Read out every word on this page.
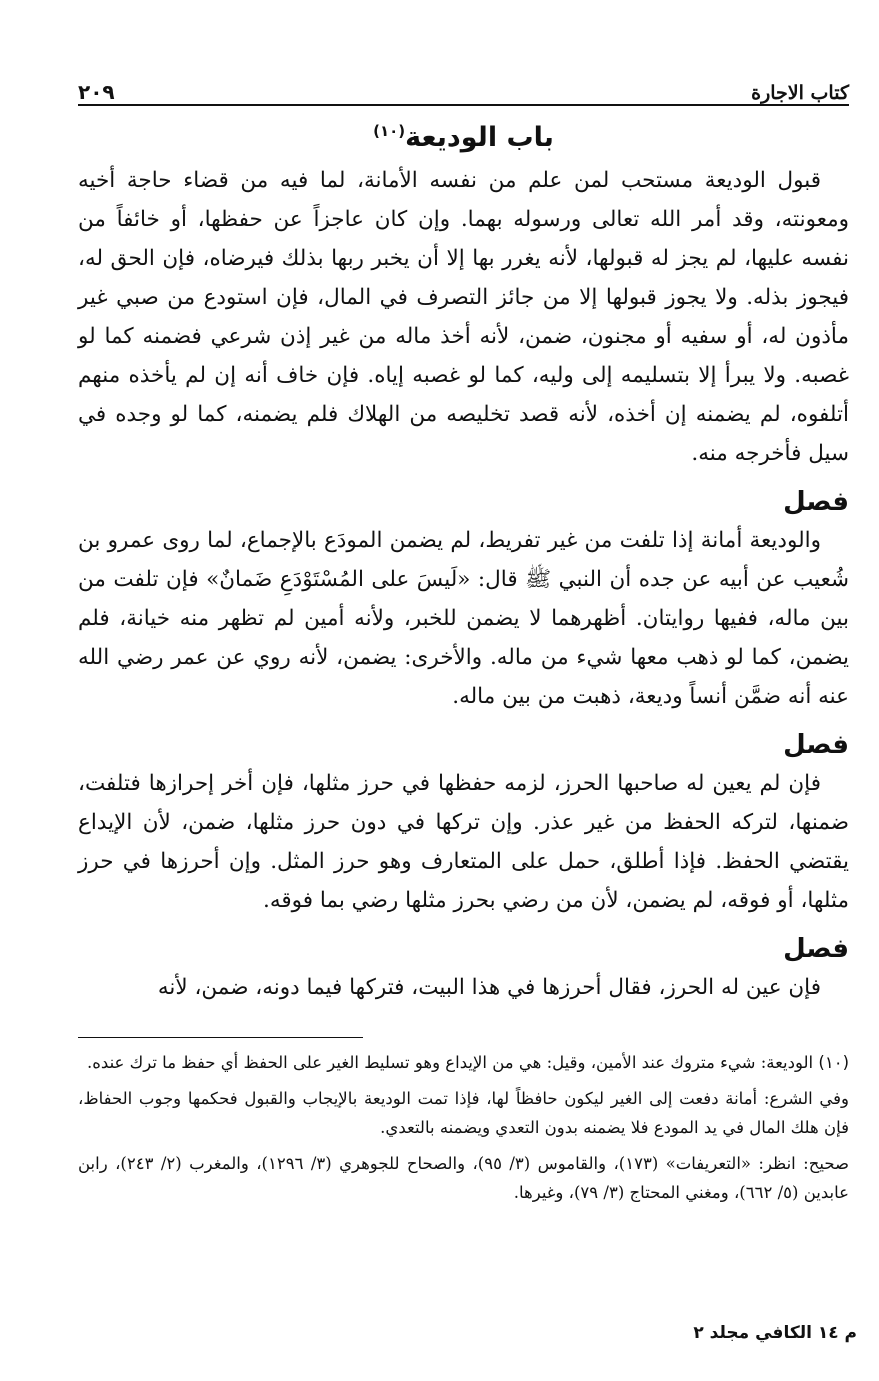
كتاب الاجارة
٢٠٩
باب الوديعة$^{(١٠)}$

قبول الوديعة مستحب لمن علم من نفسه الأمانة، لما فيه من قضاء حاجة أخيه ومعونته، وقد أمر الله تعالى ورسوله بهما. وإن كان عاجزاً عن حفظها، أو خائفاً من نفسه عليها، لم يجز له قبولها، لأنه يغرر بها إلا أن يخبر ربها بذلك فيرضاه، فإن الحق له، فيجوز بذله. ولا يجوز قبولها إلا من جائز التصرف في المال، فإن استودع من صبي غير مأذون له، أو سفيه أو مجنون، ضمن، لأنه أخذ ماله من غير إذن شرعي فضمنه كما لو غصبه. ولا يبرأ إلا بتسليمه إلى وليه، كما لو غصبه إياه. فإن خاف أنه إن لم يأخذه منهم أتلفوه، لم يضمنه إن أخذه، لأنه قصد تخليصه من الهلاك فلم يضمنه، كما لو وجده في سيل فأخرجه منه.

فصل

والوديعة أمانة إذا تلفت من غير تفريط، لم يضمن المودَع بالإجماع، لما روى عمرو بن شُعيب عن أبيه عن جده أن النبي ﷺ قال: «لَيسَ على المُسْتَوْدَعِ ضَمانٌ» فإن تلفت من بين ماله، ففيها روايتان. أظهرهما لا يضمن للخبر، ولأنه أمين لم تظهر منه خيانة، فلم يضمن، كما لو ذهب معها شيء من ماله. والأخرى: يضمن، لأنه روي عن عمر رضي الله عنه أنه ضمَّن أنساً وديعة، ذهبت من بين ماله.

فصل

فإن لم يعين له صاحبها الحرز، لزمه حفظها في حرز مثلها، فإن أخر إحرازها فتلفت، ضمنها، لتركه الحفظ من غير عذر. وإن تركها في دون حرز مثلها، ضمن، لأن الإيداع يقتضي الحفظ. فإذا أطلق، حمل على المتعارف وهو حرز المثل. وإن أحرزها في حرز مثلها، أو فوقه، لم يضمن، لأن من رضي بحرز مثلها رضي بما فوقه.

فصل

فإن عين له الحرز، فقال أحرزها في هذا البيت، فتركها فيما دونه، ضمن، لأنه

(١٠) الوديعة: شيء متروك عند الأمين، وقيل: هي من الإيداع وهو تسليط الغير على الحفظ أي حفظ ما ترك عنده.

وفي الشرع: أمانة دفعت إلى الغير ليكون حافظاً لها، فإذا تمت الوديعة بالإيجاب والقبول فحكمها وجوب الحفاظ، فإن هلك المال في يد المودع فلا يضمنه بدون التعدي ويضمنه بالتعدي.

صحيح: انظر: «التعريفات» (١٧٣)، والقاموس (٣/ ٩٥)، والصحاح للجوهري (٣/ ١٢٩٦)، والمغرب (٢/ ٢٤٣)، رابن عابدين (٥/ ٦٦٢)، ومغني المحتاج (٣/ ٧٩)، وغيرها.

م ١٤ الكافي مجلد ٢
